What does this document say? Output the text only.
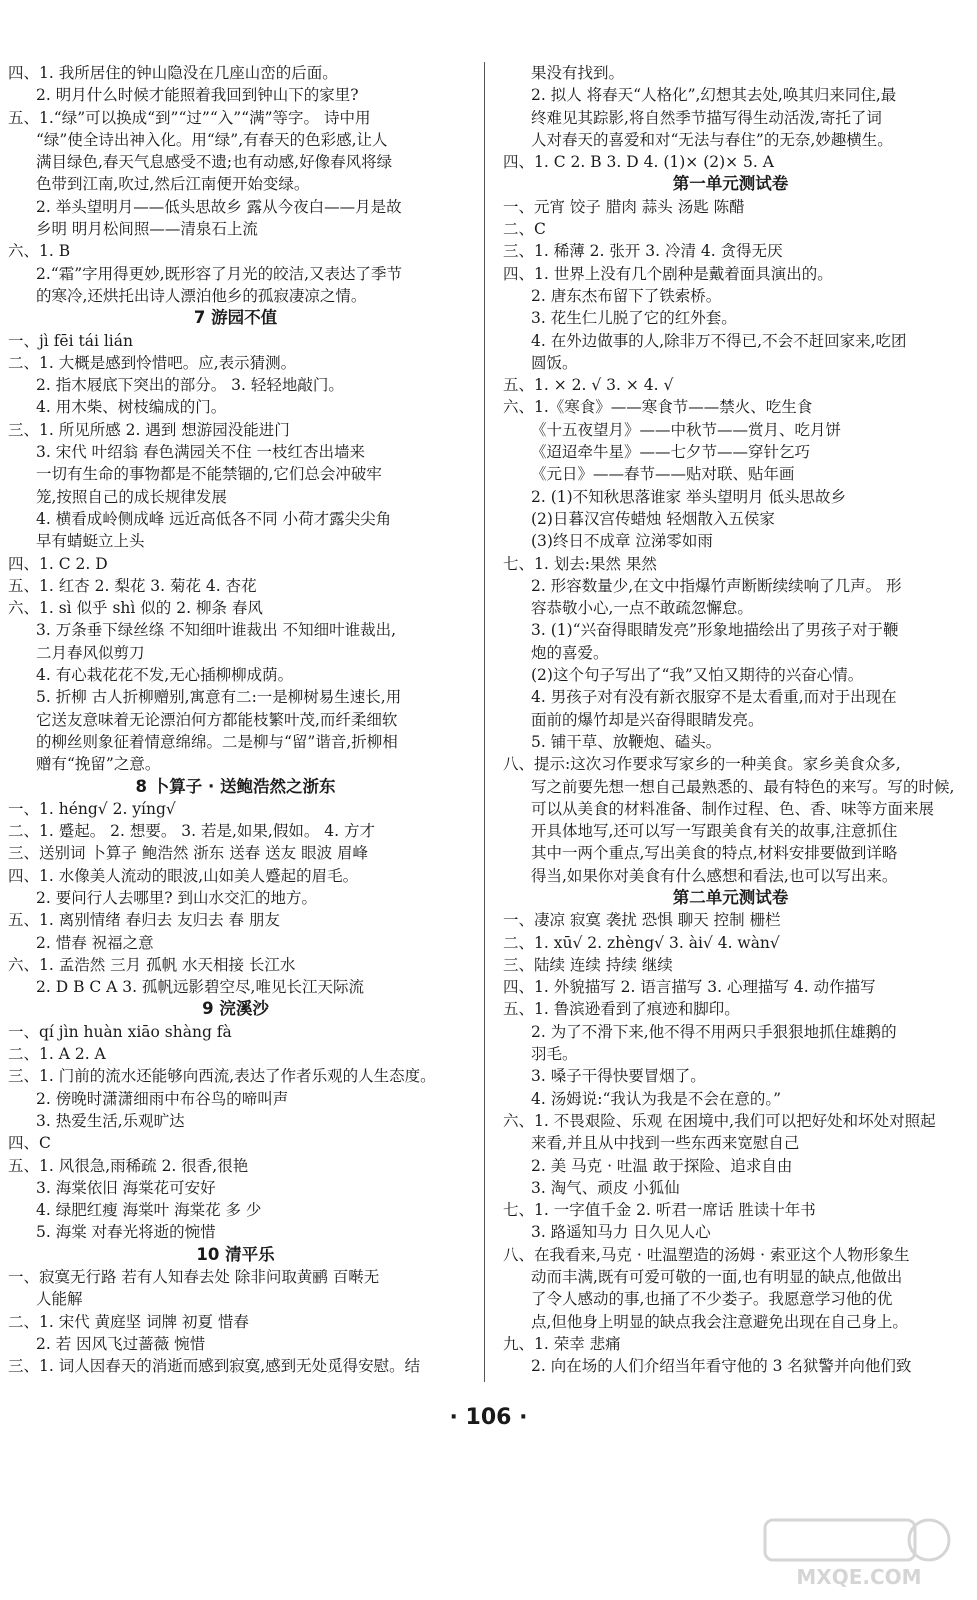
四、1. 我所居住的钟山隐没在几座山峦的后面。
2. 明月什么时候才能照着我回到钟山下的家里?
五、1.“绿”可以换成“到”“过”“入”“满”等字。 诗中用
“绿”使全诗出神入化。用“绿”,有春天的色彩感,让人
满目绿色,春天气息感受不遗;也有动感,好像春风将绿
色带到江南,吹过,然后江南便开始变绿。
2. 举头望明月——低头思故乡 露从今夜白——月是故
乡明 明月松间照——清泉石上流
六、1. B
2.“霜”字用得更妙,既形容了月光的皎洁,又表达了季节
的寒冷,还烘托出诗人漂泊他乡的孤寂凄凉之情。
7 游园不值
一、jì fēi tái lián
二、1. 大概是感到怜惜吧。应,表示猜测。
2. 指木屐底下突出的部分。 3. 轻轻地敲门。
4. 用木柴、树枝编成的门。
三、1. 所见所感 2. 遇到 想游园没能进门
3. 宋代 叶绍翁 春色满园关不住 一枝红杏出墙来
一切有生命的事物都是不能禁锢的,它们总会冲破牢
笼,按照自己的成长规律发展
4. 横看成岭侧成峰 远近高低各不同 小荷才露尖尖角
早有蜻蜓立上头
四、1. C 2. D
五、1. 红杏 2. 梨花 3. 菊花 4. 杏花
六、1. sì 似乎 shì 似的 2. 柳条 春风
3. 万条垂下绿丝绦 不知细叶谁裁出 不知细叶谁裁出,
二月春风似剪刀
4. 有心栽花花不发,无心插柳柳成荫。
5. 折柳 古人折柳赠别,寓意有二:一是柳树易生速长,用
它送友意味着无论漂泊何方都能枝繁叶茂,而纤柔细软
的柳丝则象征着情意绵绵。二是柳与“留”谐音,折柳相
赠有“挽留”之意。
8 卜算子 · 送鲍浩然之浙东
一、1. héng√ 2. yíng√
二、1. 蹙起。 2. 想要。 3. 若是,如果,假如。 4. 方才
三、送别词 卜算子 鲍浩然 浙东 送春 送友 眼波 眉峰
四、1. 水像美人流动的眼波,山如美人蹙起的眉毛。
2. 要问行人去哪里? 到山水交汇的地方。
五、1. 离别情绪 春归去 友归去 春 朋友
2. 惜春 祝福之意
六、1. 孟浩然 三月 孤帆 水天相接 长江水
2. D B C A 3. 孤帆远影碧空尽,唯见长江天际流
9 浣溪沙
一、qí jìn huàn xiāo shàng fà
二、1. A 2. A
三、1. 门前的流水还能够向西流,表达了作者乐观的人生态度。
2. 傍晚时潇潇细雨中布谷鸟的啼叫声
3. 热爱生活,乐观旷达
四、C
五、1. 风很急,雨稀疏 2. 很香,很艳
3. 海棠依旧 海棠花可安好
4. 绿肥红瘦 海棠叶 海棠花 多 少
5. 海棠 对春光将逝的惋惜
10 清平乐
一、寂寞无行路 若有人知春去处 除非问取黄鹂 百啭无
人能解
二、1. 宋代 黄庭坚 词牌 初夏 惜春
2. 若 因风飞过蔷薇 惋惜
三、1. 词人因春天的消逝而感到寂寞,感到无处觅得安慰。结
果没有找到。
2. 拟人 将春天“人格化”,幻想其去处,唤其归来同住,最
终难见其踪影,将自然季节描写得生动活泼,寄托了词
人对春天的喜爱和对“无法与春住”的无奈,妙趣横生。
四、1. C 2. B 3. D 4. (1)× (2)× 5. A
第一单元测试卷
一、元宵 饺子 腊肉 蒜头 汤匙 陈醋
二、C
三、1. 稀薄 2. 张开 3. 冷清 4. 贪得无厌
四、1. 世界上没有几个剧种是戴着面具演出的。
2. 唐东杰布留下了铁索桥。
3. 花生仁儿脱了它的红外套。
4. 在外边做事的人,除非万不得已,不会不赶回家来,吃团
圆饭。
五、1. × 2. √ 3. × 4. √
六、1.《寒食》——寒食节——禁火、吃生食
《十五夜望月》——中秋节——赏月、吃月饼
《迢迢牵牛星》——七夕节——穿针乞巧
《元日》——春节——贴对联、贴年画
2. (1)不知秋思落谁家 举头望明月 低头思故乡
(2)日暮汉宫传蜡烛 轻烟散入五侯家
(3)终日不成章 泣涕零如雨
七、1. 划去:果然 果然
2. 形容数量少,在文中指爆竹声断断续续响了几声。 形
容恭敬小心,一点不敢疏忽懈怠。
3. (1)“兴奋得眼睛发亮”形象地描绘出了男孩子对于鞭
炮的喜爱。
(2)这个句子写出了“我”又怕又期待的兴奋心情。
4. 男孩子对有没有新衣服穿不是太看重,而对于出现在
面前的爆竹却是兴奋得眼睛发亮。
5. 铺干草、放鞭炮、磕头。
八、提示:这次习作要求写家乡的一种美食。家乡美食众多,
写之前要先想一想自己最熟悉的、最有特色的来写。写的时候,
可以从美食的材料准备、制作过程、色、香、味等方面来展
开具体地写,还可以写一写跟美食有关的故事,注意抓住
其中一两个重点,写出美食的特点,材料安排要做到详略
得当,如果你对美食有什么感想和看法,也可以写出来。
第二单元测试卷
一、凄凉 寂寞 袭扰 恐惧 聊天 控制 栅栏
二、1. xū√ 2. zhèng√ 3. ài√ 4. wàn√
三、陆续 连续 持续 继续
四、1. 外貌描写 2. 语言描写 3. 心理描写 4. 动作描写
五、1. 鲁滨逊看到了痕迹和脚印。
2. 为了不滑下来,他不得不用两只手狠狠地抓住雄鹅的
羽毛。
3. 嗓子干得快要冒烟了。
4. 汤姆说:“我认为我是不会在意的。”
六、1. 不畏艰险、乐观 在困境中,我们可以把好处和坏处对照起
来看,并且从中找到一些东西来宽慰自己
2. 美 马克 · 吐温 敢于探险、追求自由
3. 淘气、顽皮 小狐仙
七、1. 一字值千金 2. 听君一席话 胜读十年书
3. 路遥知马力 日久见人心
八、在我看来,马克 · 吐温塑造的汤姆 · 索亚这个人物形象生
动而丰满,既有可爱可敬的一面,也有明显的缺点,他做出
了令人感动的事,也捅了不少娄子。我愿意学习他的优
点,但他身上明显的缺点我会注意避免出现在自己身上。
九、1. 荣幸 悲痛
2. 向在场的人们介绍当年看守他的 3 名狱警并向他们致
· 106 ·
MXQE.COM
